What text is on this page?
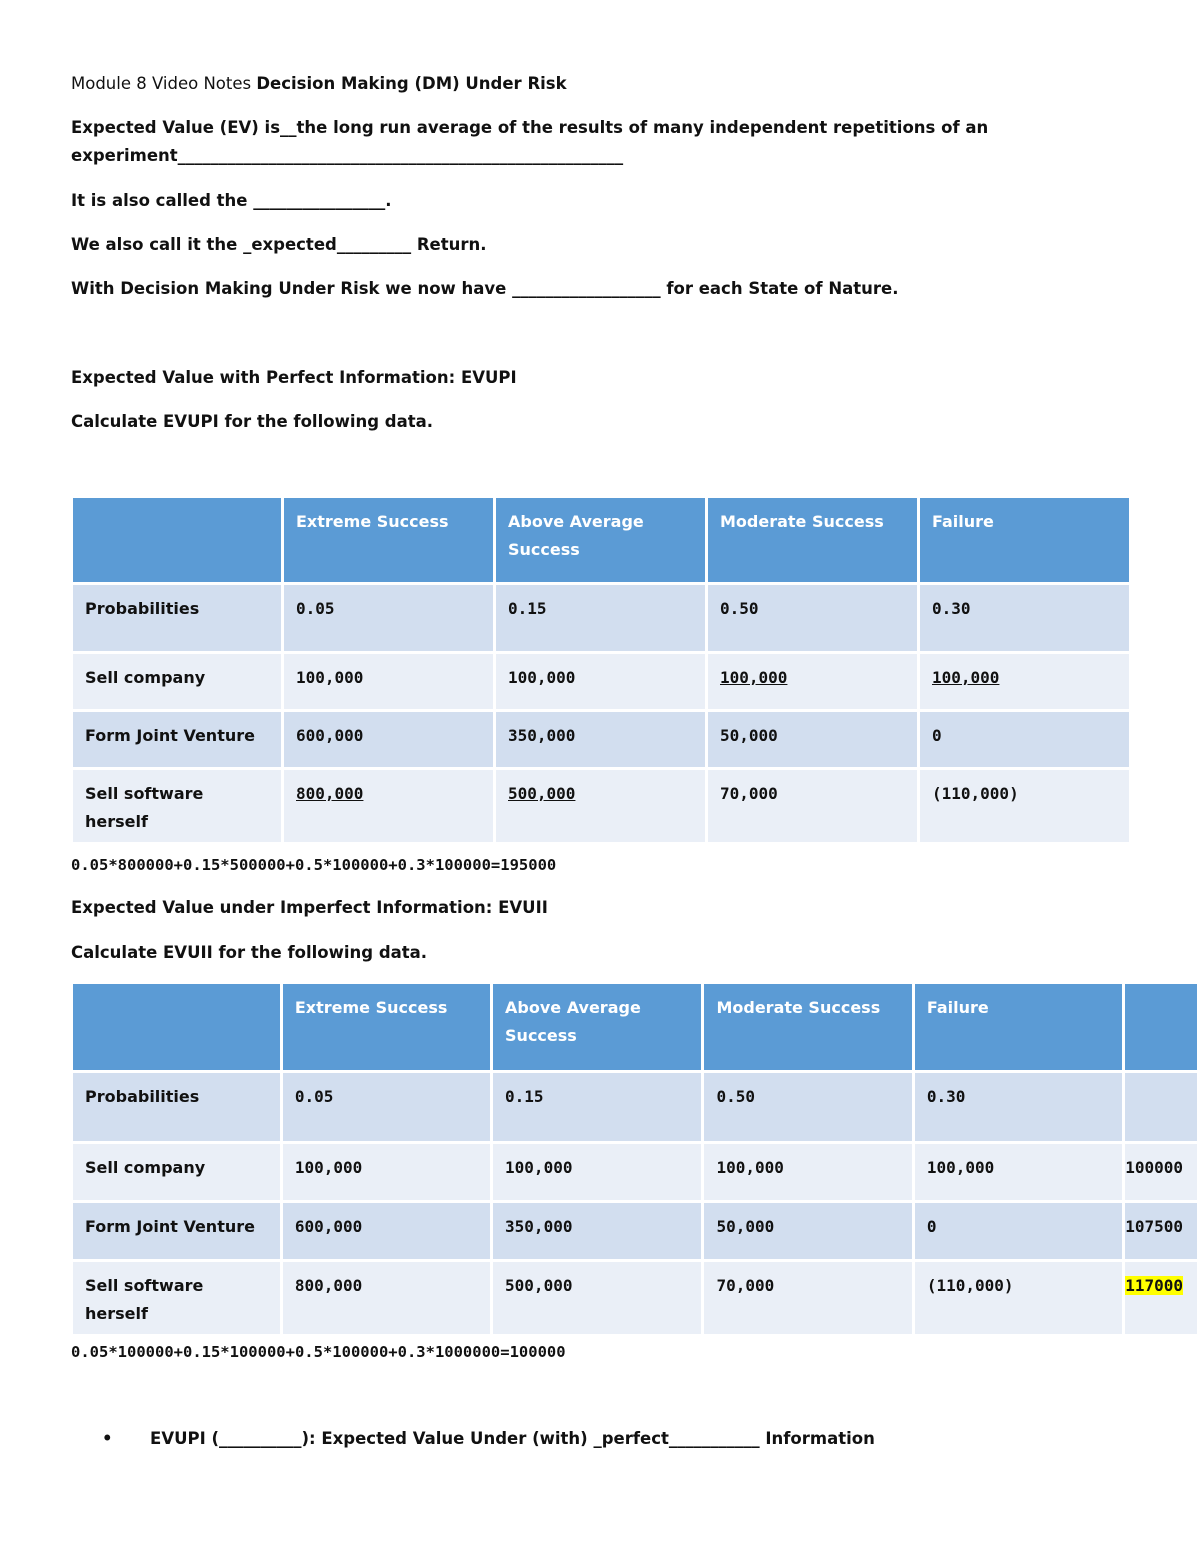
Module 8 Video Notes Decision Making (DM) Under Risk
Expected Value (EV) is__the long run average of the results of many independent repetitions of an
experiment______________________________________________________
It is also called the ________________.
We also call it the _expected_________ Return.
With Decision Making Under Risk we now have __________________ for each State of Nature.
Expected Value with Perfect Information: EVUPI
Calculate EVUPI for the following data.
	Extreme Success	Above Average Success	Moderate Success	Failure
Probabilities	0.05	0.15	0.50	0.30
Sell company	100,000	100,000	100,000	100,000
Form Joint Venture	600,000	350,000	50,000	0
Sell software herself	800,000	500,000	70,000	(110,000)
0.05*800000+0.15*500000+0.5*100000+0.3*100000=195000
Expected Value under Imperfect Information: EVUII
Calculate EVUII for the following data.
	Extreme Success	Above Average Success	Moderate Success	Failure	
Probabilities	0.05	0.15	0.50	0.30	
Sell company	100,000	100,000	100,000	100,000	100000
Form Joint Venture	600,000	350,000	50,000	0	107500
Sell software herself	800,000	500,000	70,000	(110,000)	117000
0.05*100000+0.15*100000+0.5*100000+0.3*1000000=100000
• EVUPI (__________): Expected Value Under (with) _perfect___________ Information
